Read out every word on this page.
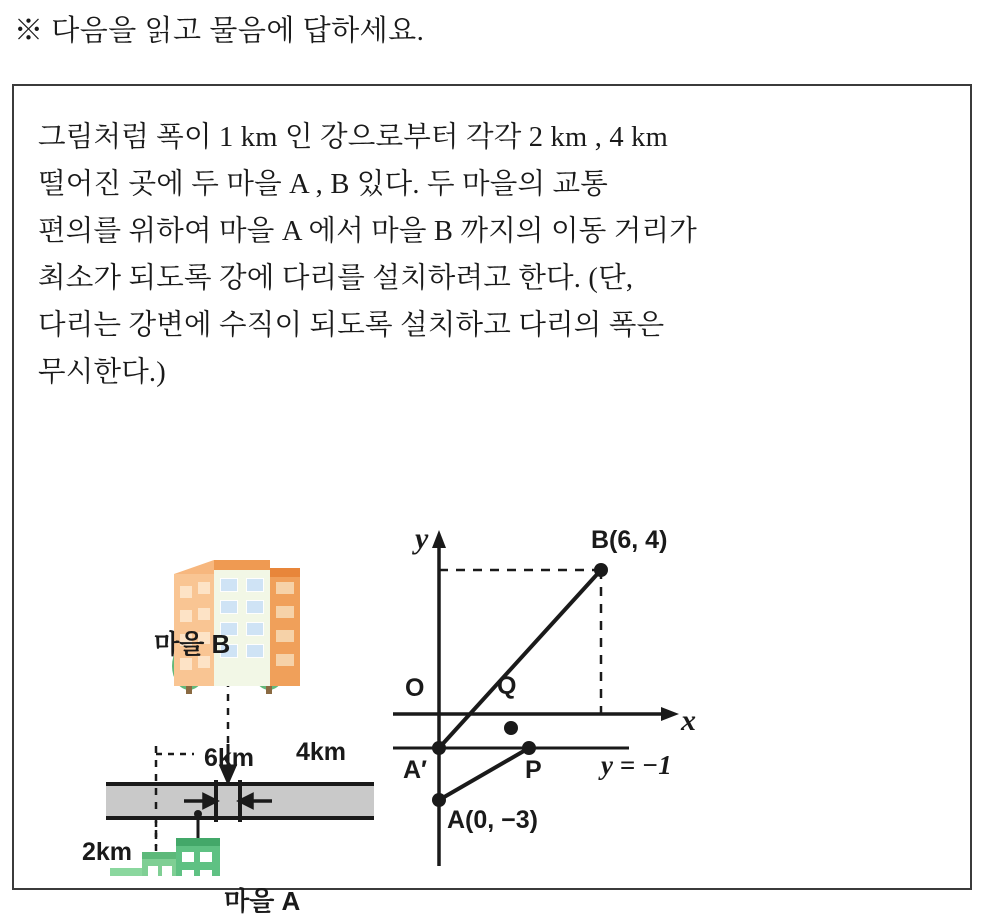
※ 다음을 읽고 물음에 답하세요.
그림처럼 폭이 1 km 인 강으로부터 각각 2 km , 4 km
떨어진 곳에 두 마을 A , B 있다. 두 마을의 교통
편의를 위하여 마을 A 에서 마을 B 까지의 이동 거리가
최소가 되도록 강에 다리를 설치하려고 한다. (단,
다리는 강변에 수직이 되도록 설치하고 다리의 폭은
무시한다.)
마을 B
마을 A
6km 4km
2km
y
x
O	Q
P
A′
B(6, 4)
A(0, −3)
y = −1
